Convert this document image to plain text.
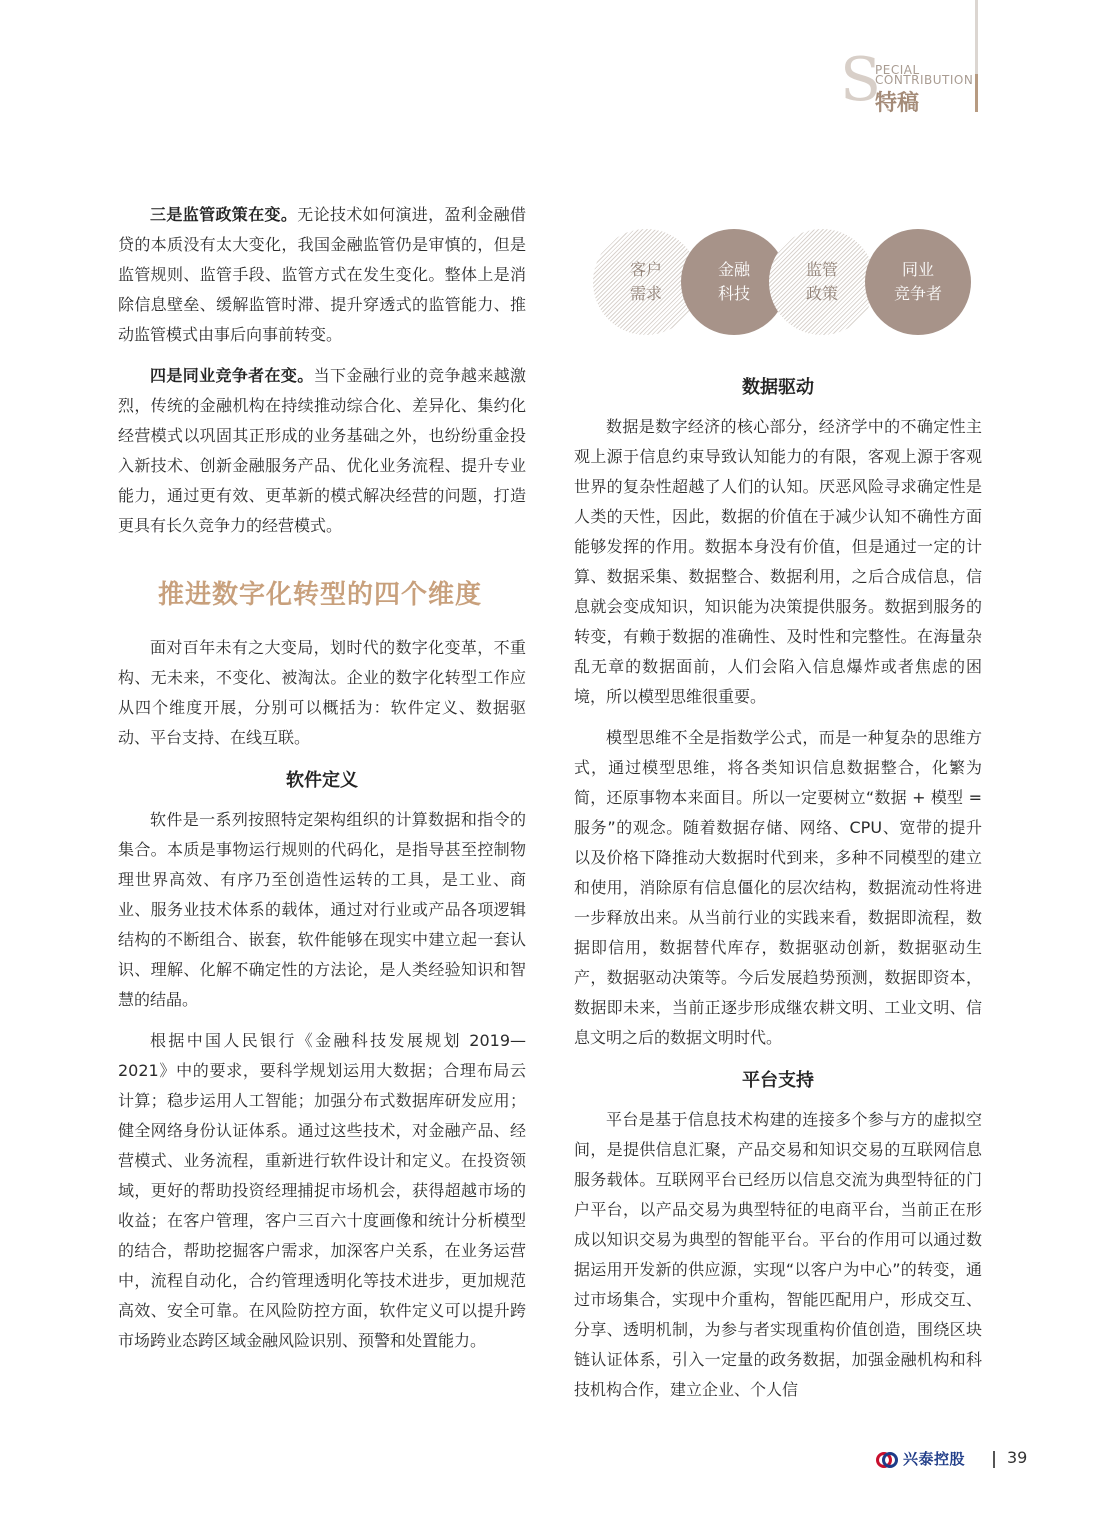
S
PECIAL
CONTRIBUTION
特稿

三是监管政策在变。无论技术如何演进，盈利金融借贷的本质没有太大变化，我国金融监管仍是审慎的，但是监管规则、监管手段、监管方式在发生变化。整体上是消除信息壁垒、缓解监管时滞、提升穿透式的监管能力、推动监管模式由事后向事前转变。

四是同业竞争者在变。当下金融行业的竞争越来越激烈，传统的金融机构在持续推动综合化、差异化、集约化经营模式以巩固其正形成的业务基础之外，也纷纷重金投入新技术、创新金融服务产品、优化业务流程、提升专业能力，通过更有效、更革新的模式解决经营的问题，打造更具有长久竞争力的经营模式。

推进数字化转型的四个维度

面对百年未有之大变局，划时代的数字化变革，不重构、无未来，不变化、被淘汰。企业的数字化转型工作应从四个维度开展，分别可以概括为：软件定义、数据驱动、平台支持、在线互联。

软件定义

软件是一系列按照特定架构组织的计算数据和指令的集合。本质是事物运行规则的代码化，是指导甚至控制物理世界高效、有序乃至创造性运转的工具，是工业、商业、服务业技术体系的载体，通过对行业或产品各项逻辑结构的不断组合、嵌套，软件能够在现实中建立起一套认识、理解、化解不确定性的方法论，是人类经验知识和智慧的结晶。

根据中国人民银行《金融科技发展规划 2019—2021》中的要求，要科学规划运用大数据；合理布局云计算；稳步运用人工智能；加强分布式数据库研发应用；健全网络身份认证体系。通过这些技术，对金融产品、经营模式、业务流程，重新进行软件设计和定义。在投资领域，更好的帮助投资经理捕捉市场机会，获得超越市场的收益；在客户管理，客户三百六十度画像和统计分析模型的结合，帮助挖掘客户需求，加深客户关系，在业务运营中，流程自动化，合约管理透明化等技术进步，更加规范高效、安全可靠。在风险防控方面，软件定义可以提升跨市场跨业态跨区域金融风险识别、预警和处置能力。

客户
需求
金融
科技
监管
政策
同业
竞争者
数据驱动

数据是数字经济的核心部分，经济学中的不确定性主观上源于信息约束导致认知能力的有限，客观上源于客观世界的复杂性超越了人们的认知。厌恶风险寻求确定性是人类的天性，因此，数据的价值在于减少认知不确性方面能够发挥的作用。数据本身没有价值，但是通过一定的计算、数据采集、数据整合、数据利用，之后合成信息，信息就会变成知识，知识能为决策提供服务。数据到服务的转变，有赖于数据的准确性、及时性和完整性。在海量杂乱无章的数据面前，人们会陷入信息爆炸或者焦虑的困境，所以模型思维很重要。

模型思维不全是指数学公式，而是一种复杂的思维方式，通过模型思维，将各类知识信息数据整合，化繁为简，还原事物本来面目。所以一定要树立“数据 + 模型 = 服务”的观念。随着数据存储、网络、CPU、宽带的提升以及价格下降推动大数据时代到来，多种不同模型的建立和使用，消除原有信息僵化的层次结构，数据流动性将进一步释放出来。从当前行业的实践来看，数据即流程，数据即信用，数据替代库存，数据驱动创新，数据驱动生产，数据驱动决策等。今后发展趋势预测，数据即资本，数据即未来，当前正逐步形成继农耕文明、工业文明、信息文明之后的数据文明时代。

平台支持

平台是基于信息技术构建的连接多个参与方的虚拟空间，是提供信息汇聚，产品交易和知识交易的互联网信息服务载体。互联网平台已经历以信息交流为典型特征的门户平台，以产品交易为典型特征的电商平台，当前正在形成以知识交易为典型的智能平台。平台的作用可以通过数据运用开发新的供应源，实现“以客户为中心”的转变，通过市场集合，实现中介重构，智能匹配用户，形成交互、分享、透明机制，为参与者实现重构价值创造，围绕区块链认证体系，引入一定量的政务数据，加强金融机构和科技机构合作，建立企业、个人信

兴泰控股	39
